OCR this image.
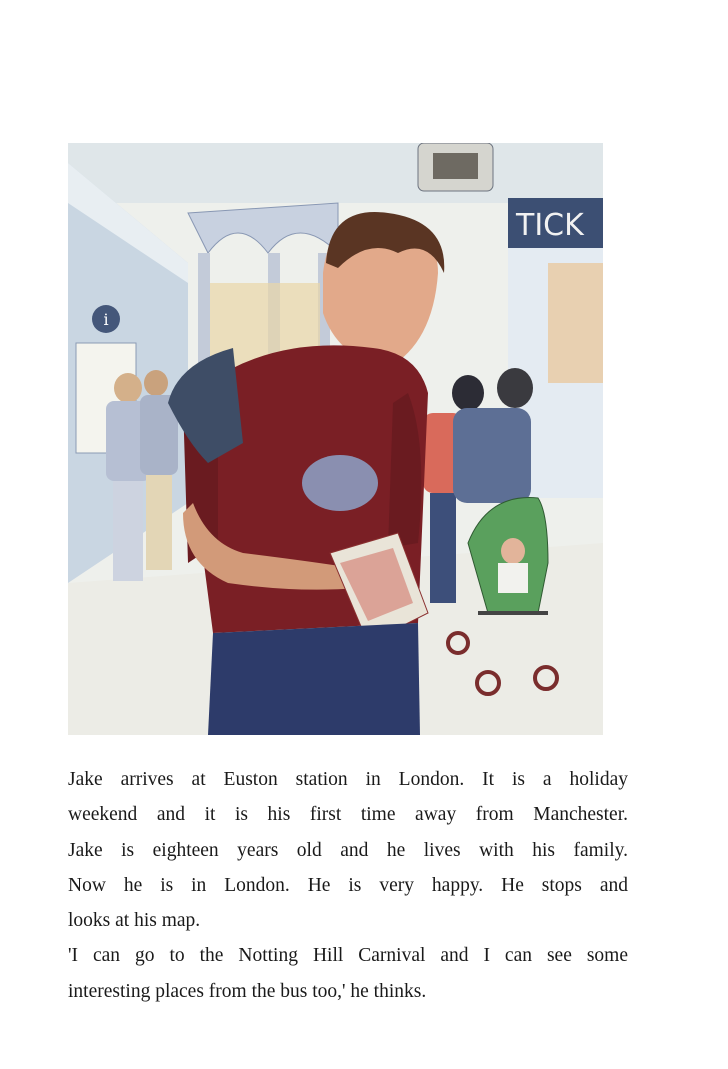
i
TICK

Jake arrives at Euston station in London. It is a holiday

weekend and it is his first time away from Manchester.

Jake is eighteen years old and he lives with his family.

Now he is in London. He is very happy. He stops and

looks at his map.

'I can go to the Notting Hill Carnival and I can see some

interesting places from the bus too,' he thinks.
